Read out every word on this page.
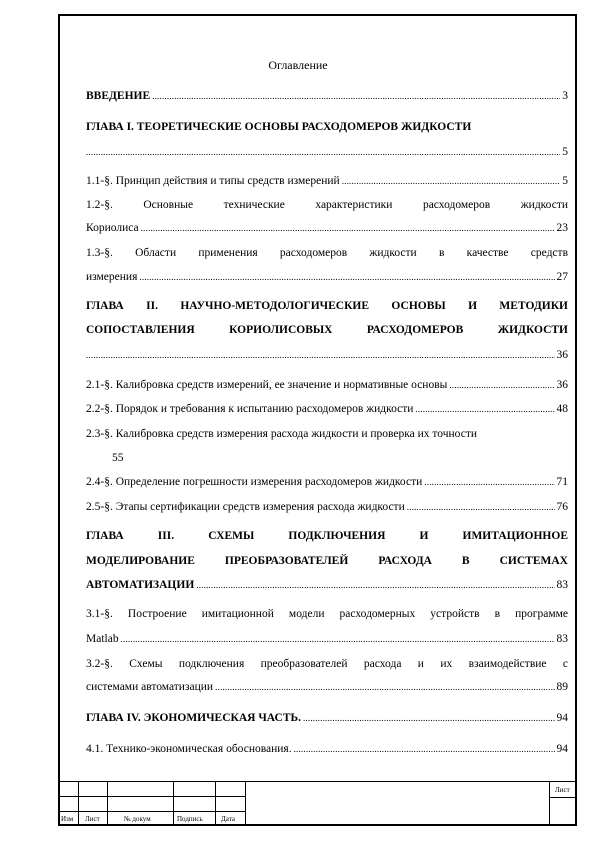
Оглавление
ВВЕДЕНИЕ .....	3
ГЛАВА I. ТЕОРЕТИЧЕСКИЕ ОСНОВЫ РАСХОДОМЕРОВ ЖИДКОСТИ
.....
5
1.1-§. Принцип действия и типы средств измерений .....	5
1.2-§. Основные технические характеристики расходомеров жидкости
Кориолиса .....	23
1.3-§. Области применения расходомеров жидкости в качестве средств
измерения .....	27
ГЛАВА II. НАУЧНО-МЕТОДОЛОГИЧЕСКИЕ ОСНОВЫ И МЕТОДИКИ
СОПОСТАВЛЕНИЯ КОРИОЛИСОВЫХ РАСХОДОМЕРОВ ЖИДКОСТИ
.....
36
2.1-§. Калибровка средств измерений, ее значение и нормативные основы .....	36
2.2-§. Порядок и требования к испытанию расходомеров жидкости .....	48
2.3-§. Калибровка средств измерения расхода жидкости и проверка их точности
55
2.4-§. Определение погрешности измерения расходомеров жидкости .....	71
2.5-§. Этапы сертификации средств измерения расхода жидкости .....	76
ГЛАВА III. СХЕМЫ ПОДКЛЮЧЕНИЯ И ИМИТАЦИОННОЕ
МОДЕЛИРОВАНИЕ ПРЕОБРАЗОВАТЕЛЕЙ РАСХОДА В СИСТЕМАХ
АВТОМАТИЗАЦИИ .....	83
3.1-§. Построение имитационной модели расходомерных устройств в программе
Matlab .....	83
3.2-§. Схемы подключения преобразователей расхода и их взаимодействие с
системами автоматизации .....	89
ГЛАВА IV. ЭКОНОМИЧЕСКАЯ ЧАСТЬ. .....	94
4.1. Технико-экономическая обоснования. .....	94
Изм Лист	№ докум	Подпись	Дата
Лист
